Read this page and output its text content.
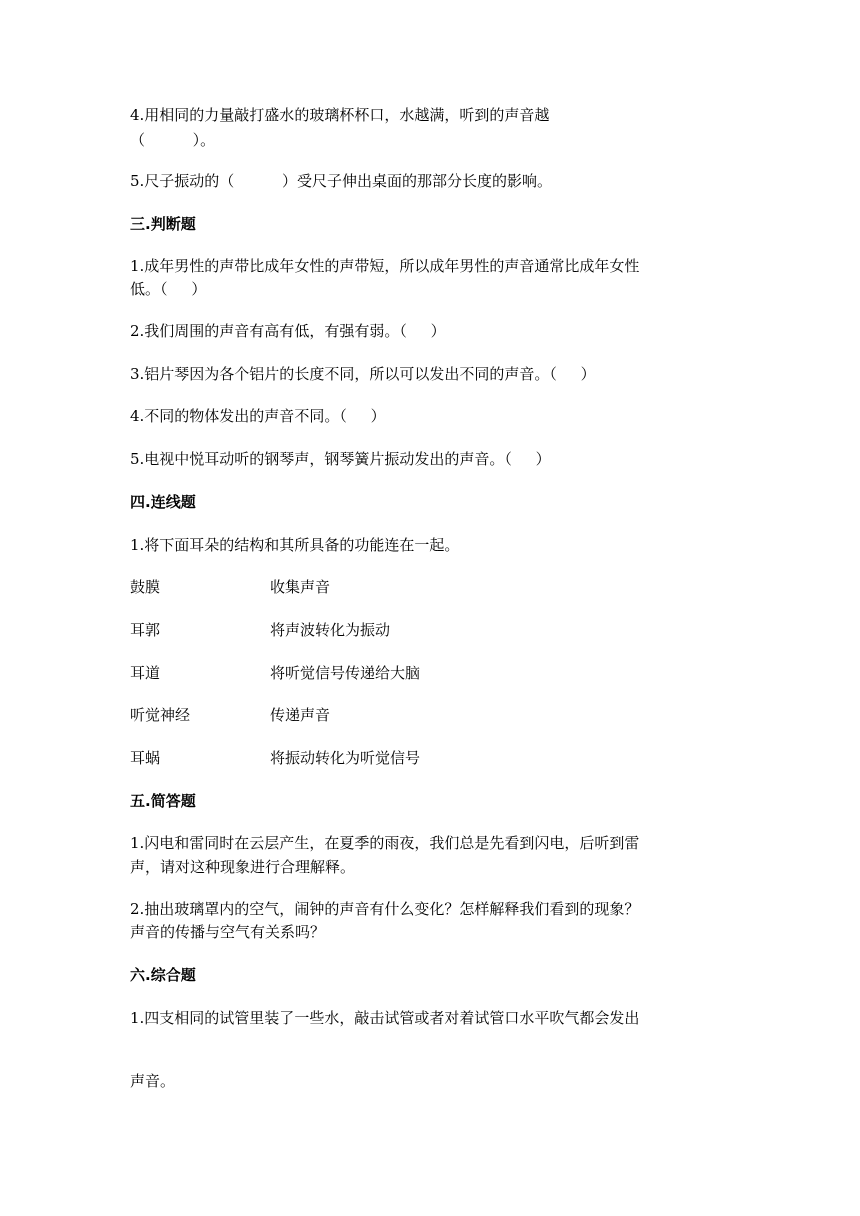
4.用相同的力量敲打盛水的玻璃杯杯口，水越满，听到的声音越
（          ）。
5.尺子振动的（          ）受尺子伸出桌面的那部分长度的影响。
三.判断题
1.成年男性的声带比成年女性的声带短，所以成年男性的声音通常比成年女性
低。（     ）
2.我们周围的声音有高有低，有强有弱。（     ）
3.铝片琴因为各个铝片的长度不同，所以可以发出不同的声音。（     ）
4.不同的物体发出的声音不同。（     ）
5.电视中悦耳动听的钢琴声，钢琴簧片振动发出的声音。（     ）
四.连线题
1.将下面耳朵的结构和其所具备的功能连在一起。
鼓膜	收集声音
耳郭	将声波转化为振动
耳道	将听觉信号传递给大脑
听觉神经	传递声音
耳蜗	将振动转化为听觉信号
五.简答题
1.闪电和雷同时在云层产生，在夏季的雨夜，我们总是先看到闪电，后听到雷
声，请对这种现象进行合理解释。
2.抽出玻璃罩内的空气，闹钟的声音有什么变化？怎样解释我们看到的现象？
声音的传播与空气有关系吗？
六.综合题
1.四支相同的试管里装了一些水，敲击试管或者对着试管口水平吹气都会发出
声音。
